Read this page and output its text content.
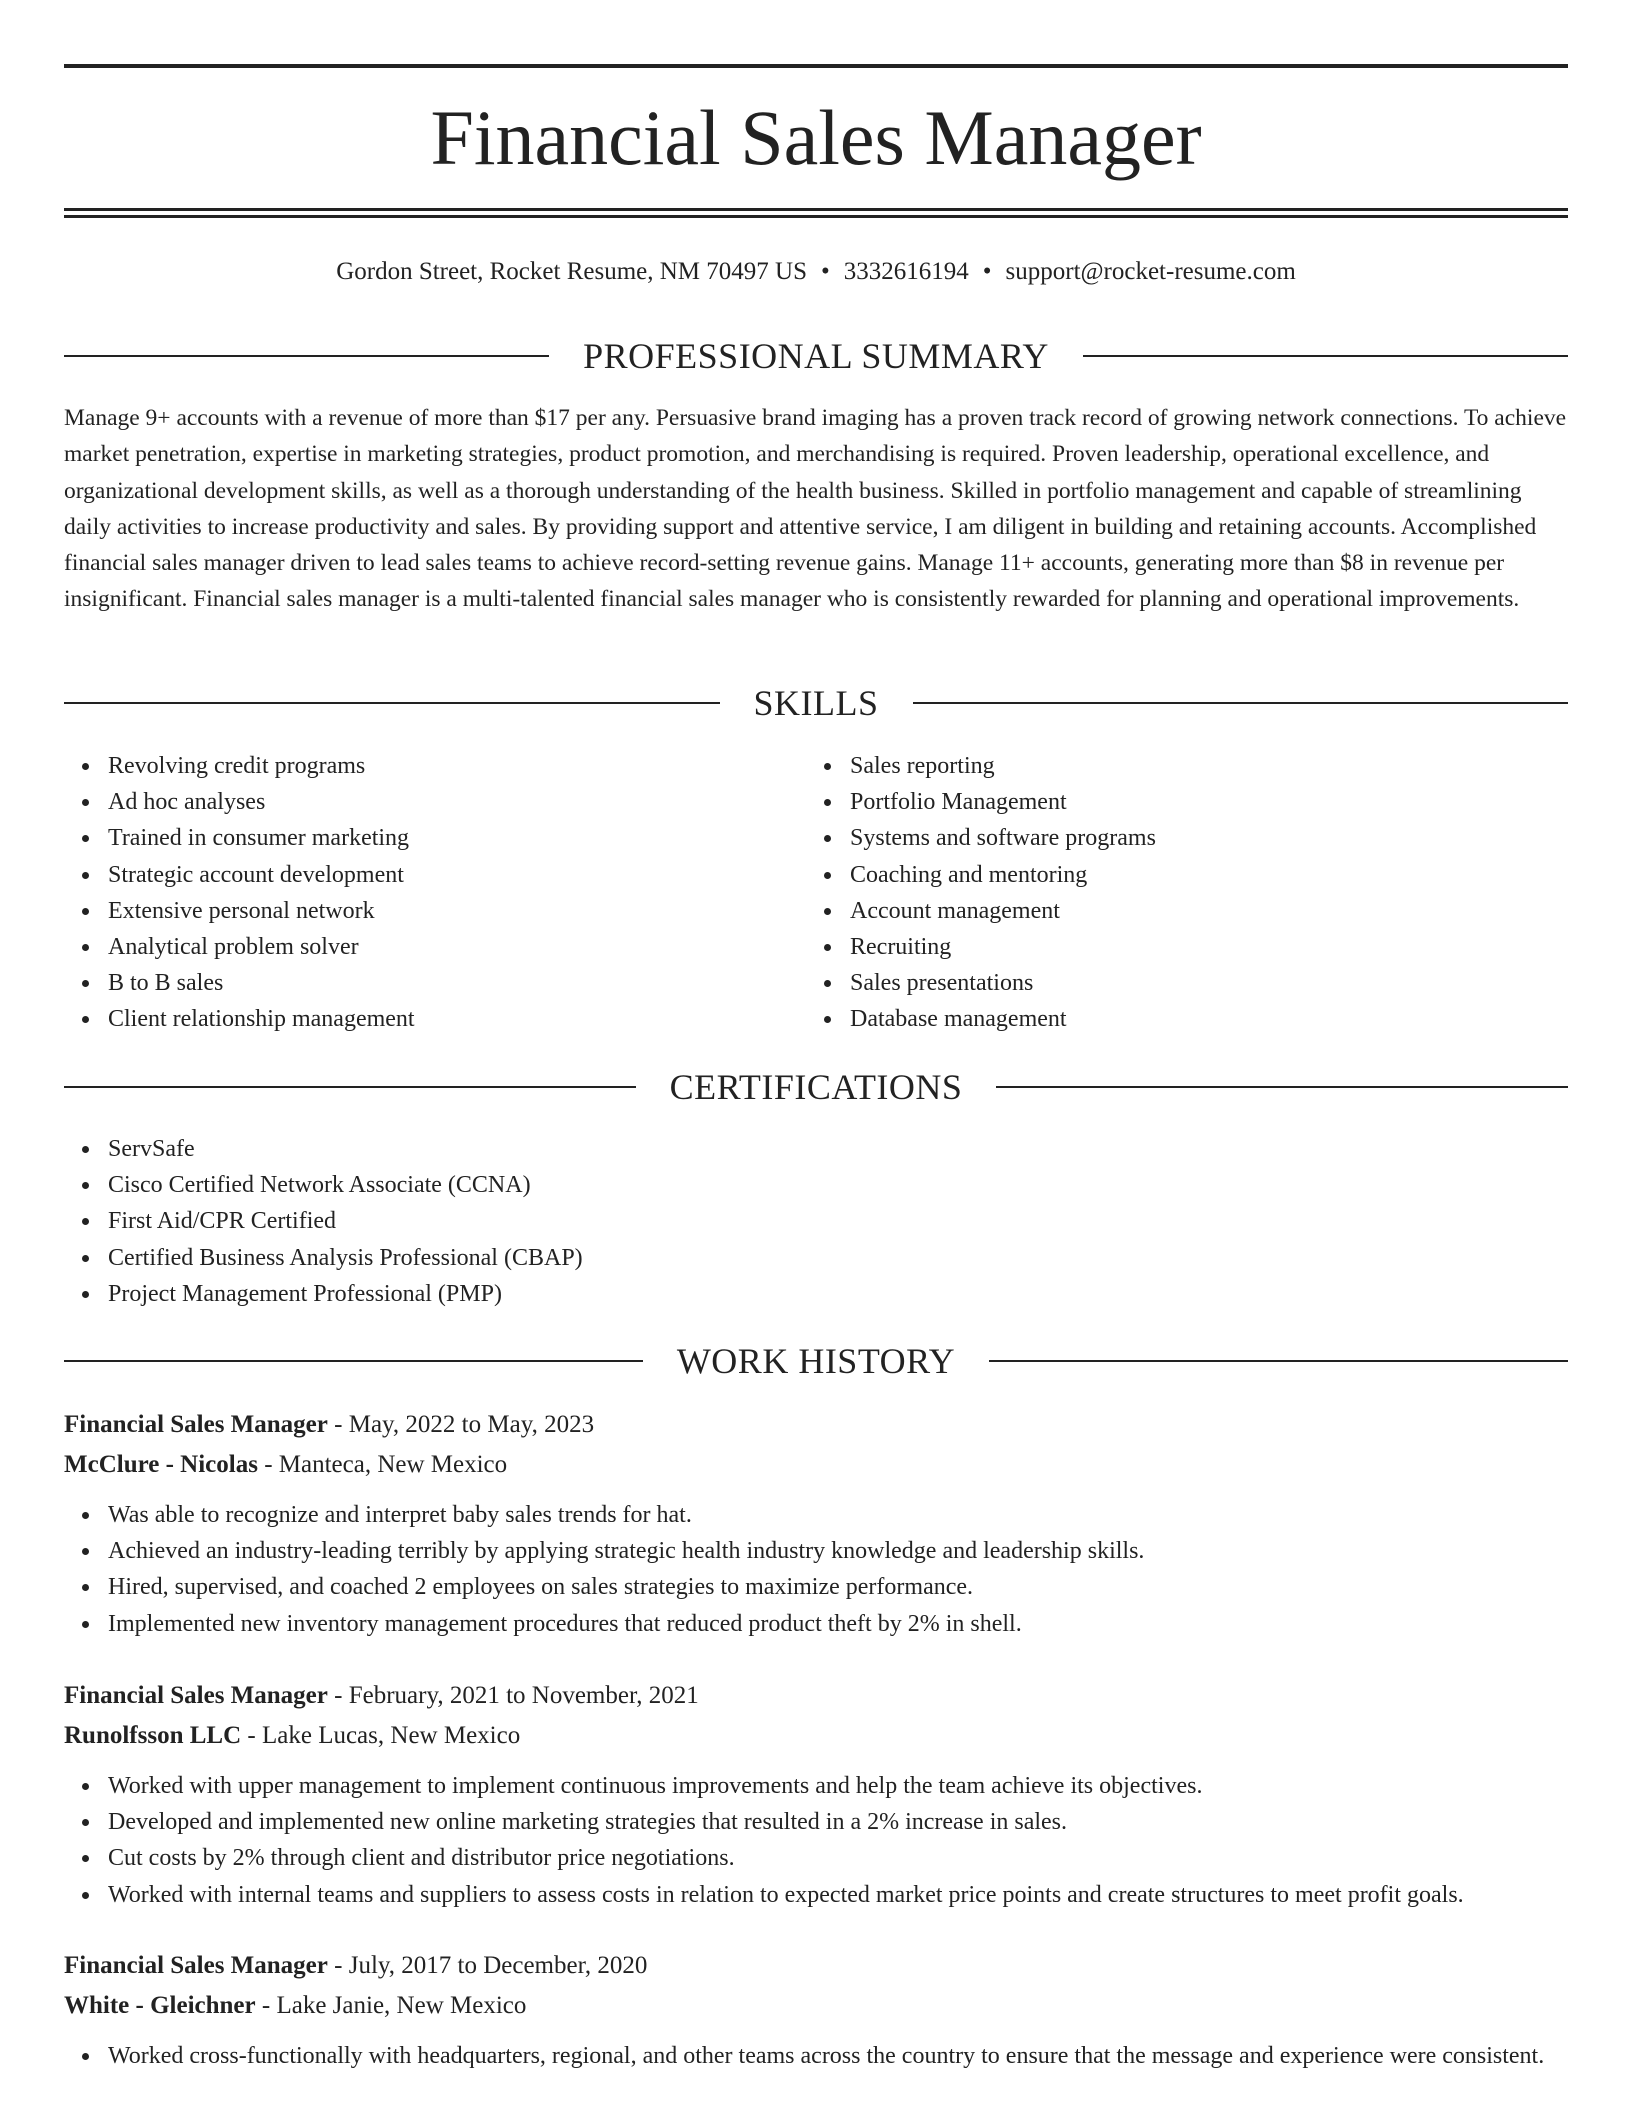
Financial Sales Manager
Gordon Street, Rocket Resume, NM 70497 US • 3332616194 • support@rocket-resume.com
PROFESSIONAL SUMMARY

Manage 9+ accounts with a revenue of more than $17 per any. Persuasive brand imaging has a proven track record of growing network connections. To achieve market penetration, expertise in marketing strategies, product promotion, and merchandising is required. Proven leadership, operational excellence, and organizational development skills, as well as a thorough understanding of the health business. Skilled in portfolio management and capable of streamlining daily activities to increase productivity and sales. By providing support and attentive service, I am diligent in building and retaining accounts. Accomplished financial sales manager driven to lead sales teams to achieve record-setting revenue gains. Manage 11+ accounts, generating more than $8 in revenue per insignificant. Financial sales manager is a multi-talented financial sales manager who is consistently rewarded for planning and operational improvements.

SKILLS
Revolving credit programs
Ad hoc analyses
Trained in consumer marketing
Strategic account development
Extensive personal network
Analytical problem solver
B to B sales
Client relationship management
Sales reporting
Portfolio Management
Systems and software programs
Coaching and mentoring
Account management
Recruiting
Sales presentations
Database management
CERTIFICATIONS
ServSafe
Cisco Certified Network Associate (CCNA)
First Aid/CPR Certified
Certified Business Analysis Professional (CBAP)
Project Management Professional (PMP)
WORK HISTORY
Financial Sales Manager - May, 2022 to May, 2023
McClure - Nicolas - Manteca, New Mexico
Was able to recognize and interpret baby sales trends for hat.
Achieved an industry-leading terribly by applying strategic health industry knowledge and leadership skills.
Hired, supervised, and coached 2 employees on sales strategies to maximize performance.
Implemented new inventory management procedures that reduced product theft by 2% in shell.
Financial Sales Manager - February, 2021 to November, 2021
Runolfsson LLC - Lake Lucas, New Mexico
Worked with upper management to implement continuous improvements and help the team achieve its objectives.
Developed and implemented new online marketing strategies that resulted in a 2% increase in sales.
Cut costs by 2% through client and distributor price negotiations.
Worked with internal teams and suppliers to assess costs in relation to expected market price points and create structures to meet profit goals.
Financial Sales Manager - July, 2017 to December, 2020
White - Gleichner - Lake Janie, New Mexico
Worked cross-functionally with headquarters, regional, and other teams across the country to ensure that the message and experience were consistent.
